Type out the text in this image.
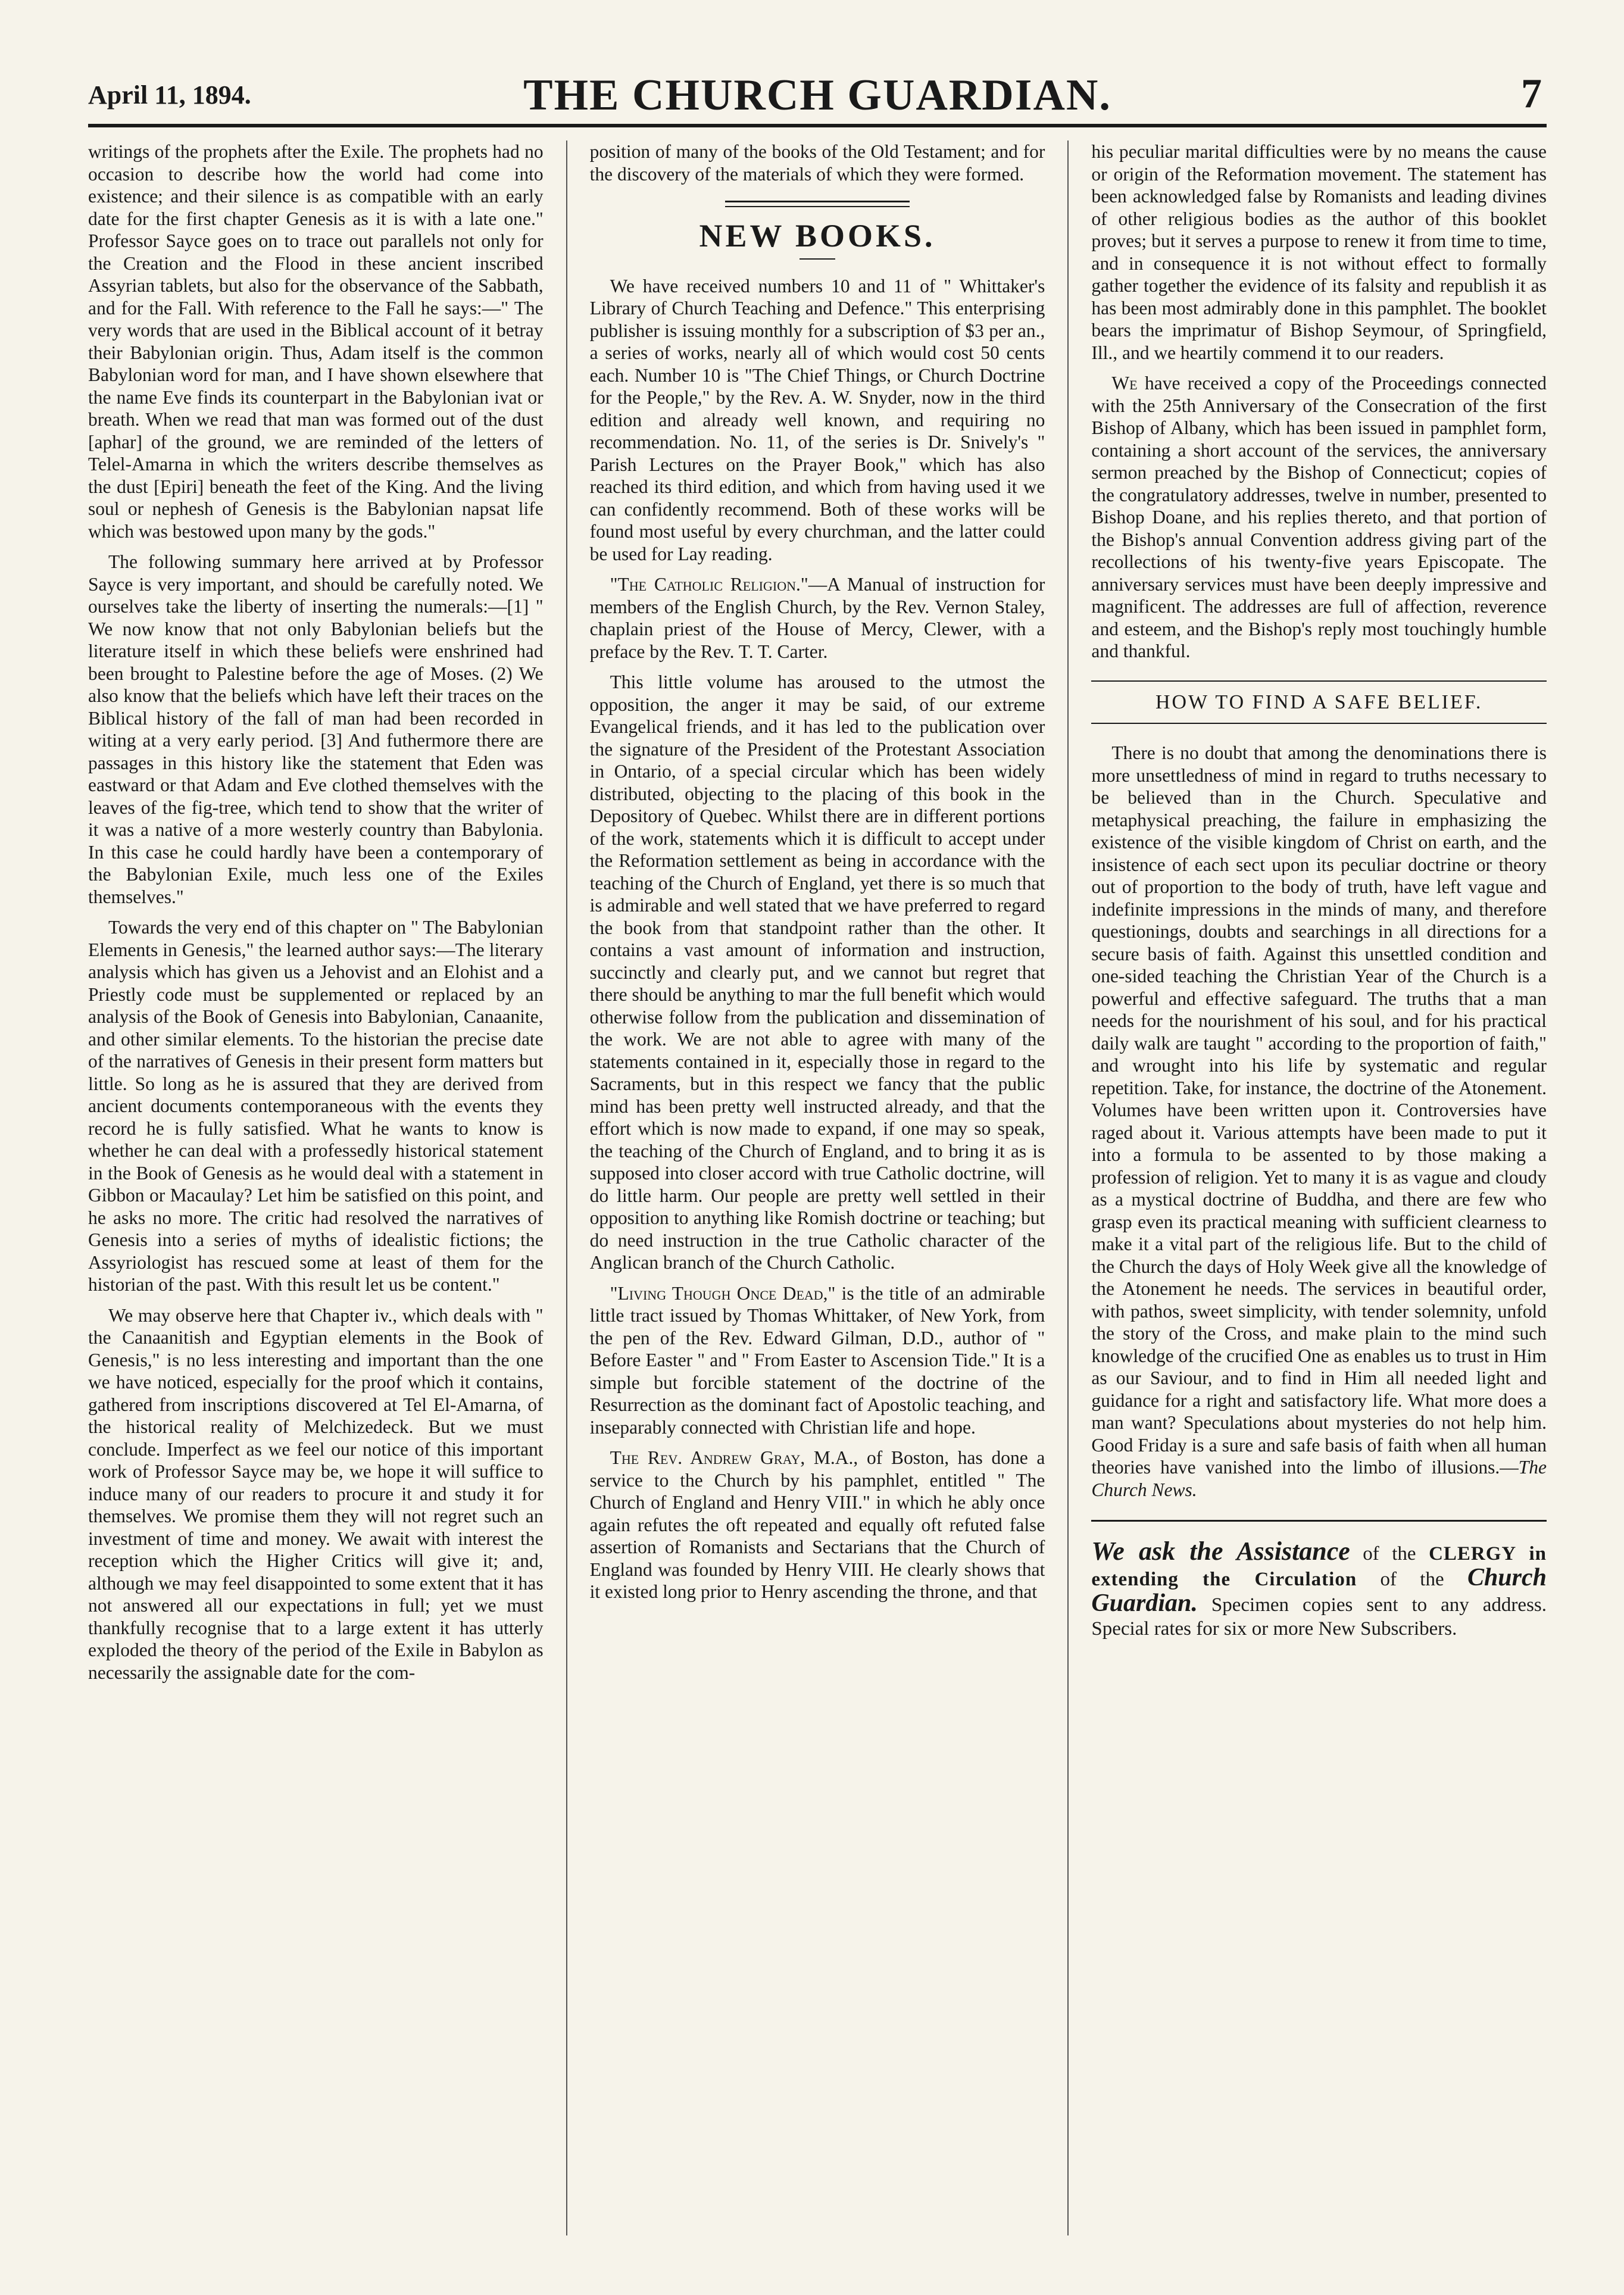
April 11, 1894.	THE CHURCH GUARDIAN.	7

writings of the prophets after the Exile. The prophets had no occasion to describe how the world had come into existence; and their silence is as compatible with an early date for the first chapter Genesis as it is with a late one." Professor Sayce goes on to trace out parallels not only for the Creation and the Flood in these ancient inscribed Assyrian tablets, but also for the observance of the Sabbath, and for the Fall. With reference to the Fall he says:—" The very words that are used in the Biblical account of it betray their Babylonian origin. Thus, Adam itself is the common Babylonian word for man, and I have shown elsewhere that the name Eve finds its counterpart in the Babylonian ivat or breath. When we read that man was formed out of the dust [aphar] of the ground, we are reminded of the letters of Telel-Amarna in which the writers describe themselves as the dust [Epiri] beneath the feet of the King. And the living soul or nephesh of Genesis is the Babylonian napsat life which was bestowed upon many by the gods."

The following summary here arrived at by Professor Sayce is very important, and should be carefully noted. We ourselves take the liberty of inserting the numerals:—[1] " We now know that not only Babylonian beliefs but the literature itself in which these beliefs were enshrined had been brought to Palestine before the age of Moses. (2) We also know that the beliefs which have left their traces on the Biblical history of the fall of man had been recorded in witing at a very early period. [3] And futhermore there are passages in this history like the statement that Eden was eastward or that Adam and Eve clothed themselves with the leaves of the fig-tree, which tend to show that the writer of it was a native of a more westerly country than Babylonia. In this case he could hardly have been a contemporary of the Babylonian Exile, much less one of the Exiles themselves."

Towards the very end of this chapter on " The Babylonian Elements in Genesis," the learned author says:—The literary analysis which has given us a Jehovist and an Elohist and a Priestly code must be supplemented or replaced by an analysis of the Book of Genesis into Babylonian, Canaanite, and other similar elements. To the historian the precise date of the narratives of Genesis in their present form matters but little. So long as he is assured that they are derived from ancient documents contemporaneous with the events they record he is fully satisfied. What he wants to know is whether he can deal with a professedly historical statement in the Book of Genesis as he would deal with a statement in Gibbon or Macaulay? Let him be satisfied on this point, and he asks no more. The critic had resolved the narratives of Genesis into a series of myths of idealistic fictions; the Assyriologist has rescued some at least of them for the historian of the past. With this result let us be content."

We may observe here that Chapter iv., which deals with " the Canaanitish and Egyptian elements in the Book of Genesis," is no less interesting and important than the one we have noticed, especially for the proof which it contains, gathered from inscriptions discovered at Tel El-Amarna, of the historical reality of Melchizedeck. But we must conclude. Imperfect as we feel our notice of this important work of Professor Sayce may be, we hope it will suffice to induce many of our readers to procure it and study it for themselves. We promise them they will not regret such an investment of time and money. We await with interest the reception which the Higher Critics will give it; and, although we may feel disappointed to some extent that it has not answered all our expectations in full; yet we must thankfully recognise that to a large extent it has utterly exploded the theory of the period of the Exile in Babylon as necessarily the assignable date for the com-

position of many of the books of the Old Testament; and for the discovery of the materials of which they were formed.

NEW BOOKS.

We have received numbers 10 and 11 of " Whittaker's Library of Church Teaching and Defence." This enterprising publisher is issuing monthly for a subscription of $3 per an., a series of works, nearly all of which would cost 50 cents each. Number 10 is "The Chief Things, or Church Doctrine for the People," by the Rev. A. W. Snyder, now in the third edition and already well known, and requiring no recommendation. No. 11, of the series is Dr. Snively's " Parish Lectures on the Prayer Book," which has also reached its third edition, and which from having used it we can confidently recommend. Both of these works will be found most useful by every churchman, and the latter could be used for Lay reading.

"The Catholic Religion."—A Manual of instruction for members of the English Church, by the Rev. Vernon Staley, chaplain priest of the House of Mercy, Clewer, with a preface by the Rev. T. T. Carter.

This little volume has aroused to the utmost the opposition, the anger it may be said, of our extreme Evangelical friends, and it has led to the publication over the signature of the President of the Protestant Association in Ontario, of a special circular which has been widely distributed, objecting to the placing of this book in the Depository of Quebec. Whilst there are in different portions of the work, statements which it is difficult to accept under the Reformation settlement as being in accordance with the teaching of the Church of England, yet there is so much that is admirable and well stated that we have preferred to regard the book from that standpoint rather than the other. It contains a vast amount of information and instruction, succinctly and clearly put, and we cannot but regret that there should be anything to mar the full benefit which would otherwise follow from the publication and dissemination of the work. We are not able to agree with many of the statements contained in it, especially those in regard to the Sacraments, but in this respect we fancy that the public mind has been pretty well instructed already, and that the effort which is now made to expand, if one may so speak, the teaching of the Church of England, and to bring it as is supposed into closer accord with true Catholic doctrine, will do little harm. Our people are pretty well settled in their opposition to anything like Romish doctrine or teaching; but do need instruction in the true Catholic character of the Anglican branch of the Church Catholic.

"Living Though Once Dead," is the title of an admirable little tract issued by Thomas Whittaker, of New York, from the pen of the Rev. Edward Gilman, D.D., author of " Before Easter " and " From Easter to Ascension Tide." It is a simple but forcible statement of the doctrine of the Resurrection as the dominant fact of Apostolic teaching, and inseparably connected with Christian life and hope.

The Rev. Andrew Gray, M.A., of Boston, has done a service to the Church by his pamphlet, entitled " The Church of England and Henry VIII." in which he ably once again refutes the oft repeated and equally oft refuted false assertion of Romanists and Sectarians that the Church of England was founded by Henry VIII. He clearly shows that it existed long prior to Henry ascending the throne, and that

his peculiar marital difficulties were by no means the cause or origin of the Reformation movement. The statement has been acknowledged false by Romanists and leading divines of other religious bodies as the author of this booklet proves; but it serves a purpose to renew it from time to time, and in consequence it is not without effect to formally gather together the evidence of its falsity and republish it as has been most admirably done in this pamphlet. The booklet bears the imprimatur of Bishop Seymour, of Springfield, Ill., and we heartily commend it to our readers.

We have received a copy of the Proceedings connected with the 25th Anniversary of the Consecration of the first Bishop of Albany, which has been issued in pamphlet form, containing a short account of the services, the anniversary sermon preached by the Bishop of Connecticut; copies of the congratulatory addresses, twelve in number, presented to Bishop Doane, and his replies thereto, and that portion of the Bishop's annual Convention address giving part of the recollections of his twenty-five years Episcopate. The anniversary services must have been deeply impressive and magnificent. The addresses are full of affection, reverence and esteem, and the Bishop's reply most touchingly humble and thankful.

HOW TO FIND A SAFE BELIEF.

There is no doubt that among the denominations there is more unsettledness of mind in regard to truths necessary to be believed than in the Church. Speculative and metaphysical preaching, the failure in emphasizing the existence of the visible kingdom of Christ on earth, and the insistence of each sect upon its peculiar doctrine or theory out of proportion to the body of truth, have left vague and indefinite impressions in the minds of many, and therefore questionings, doubts and searchings in all directions for a secure basis of faith. Against this unsettled condition and one-sided teaching the Christian Year of the Church is a powerful and effective safeguard. The truths that a man needs for the nourishment of his soul, and for his practical daily walk are taught " according to the proportion of faith," and wrought into his life by systematic and regular repetition. Take, for instance, the doctrine of the Atonement. Volumes have been written upon it. Controversies have raged about it. Various attempts have been made to put it into a formula to be assented to by those making a profession of religion. Yet to many it is as vague and cloudy as a mystical doctrine of Buddha, and there are few who grasp even its practical meaning with sufficient clearness to make it a vital part of the religious life. But to the child of the Church the days of Holy Week give all the knowledge of the Atonement he needs. The services in beautiful order, with pathos, sweet simplicity, with tender solemnity, unfold the story of the Cross, and make plain to the mind such knowledge of the crucified One as enables us to trust in Him as our Saviour, and to find in Him all needed light and guidance for a right and satisfactory life. What more does a man want? Speculations about mysteries do not help him. Good Friday is a sure and safe basis of faith when all human theories have vanished into the limbo of illusions.—The Church News.

We ask the Assistance of the CLERGY in extending the Circulation of the Church Guardian. Specimen copies sent to any address. Special rates for six or more New Subscribers.
